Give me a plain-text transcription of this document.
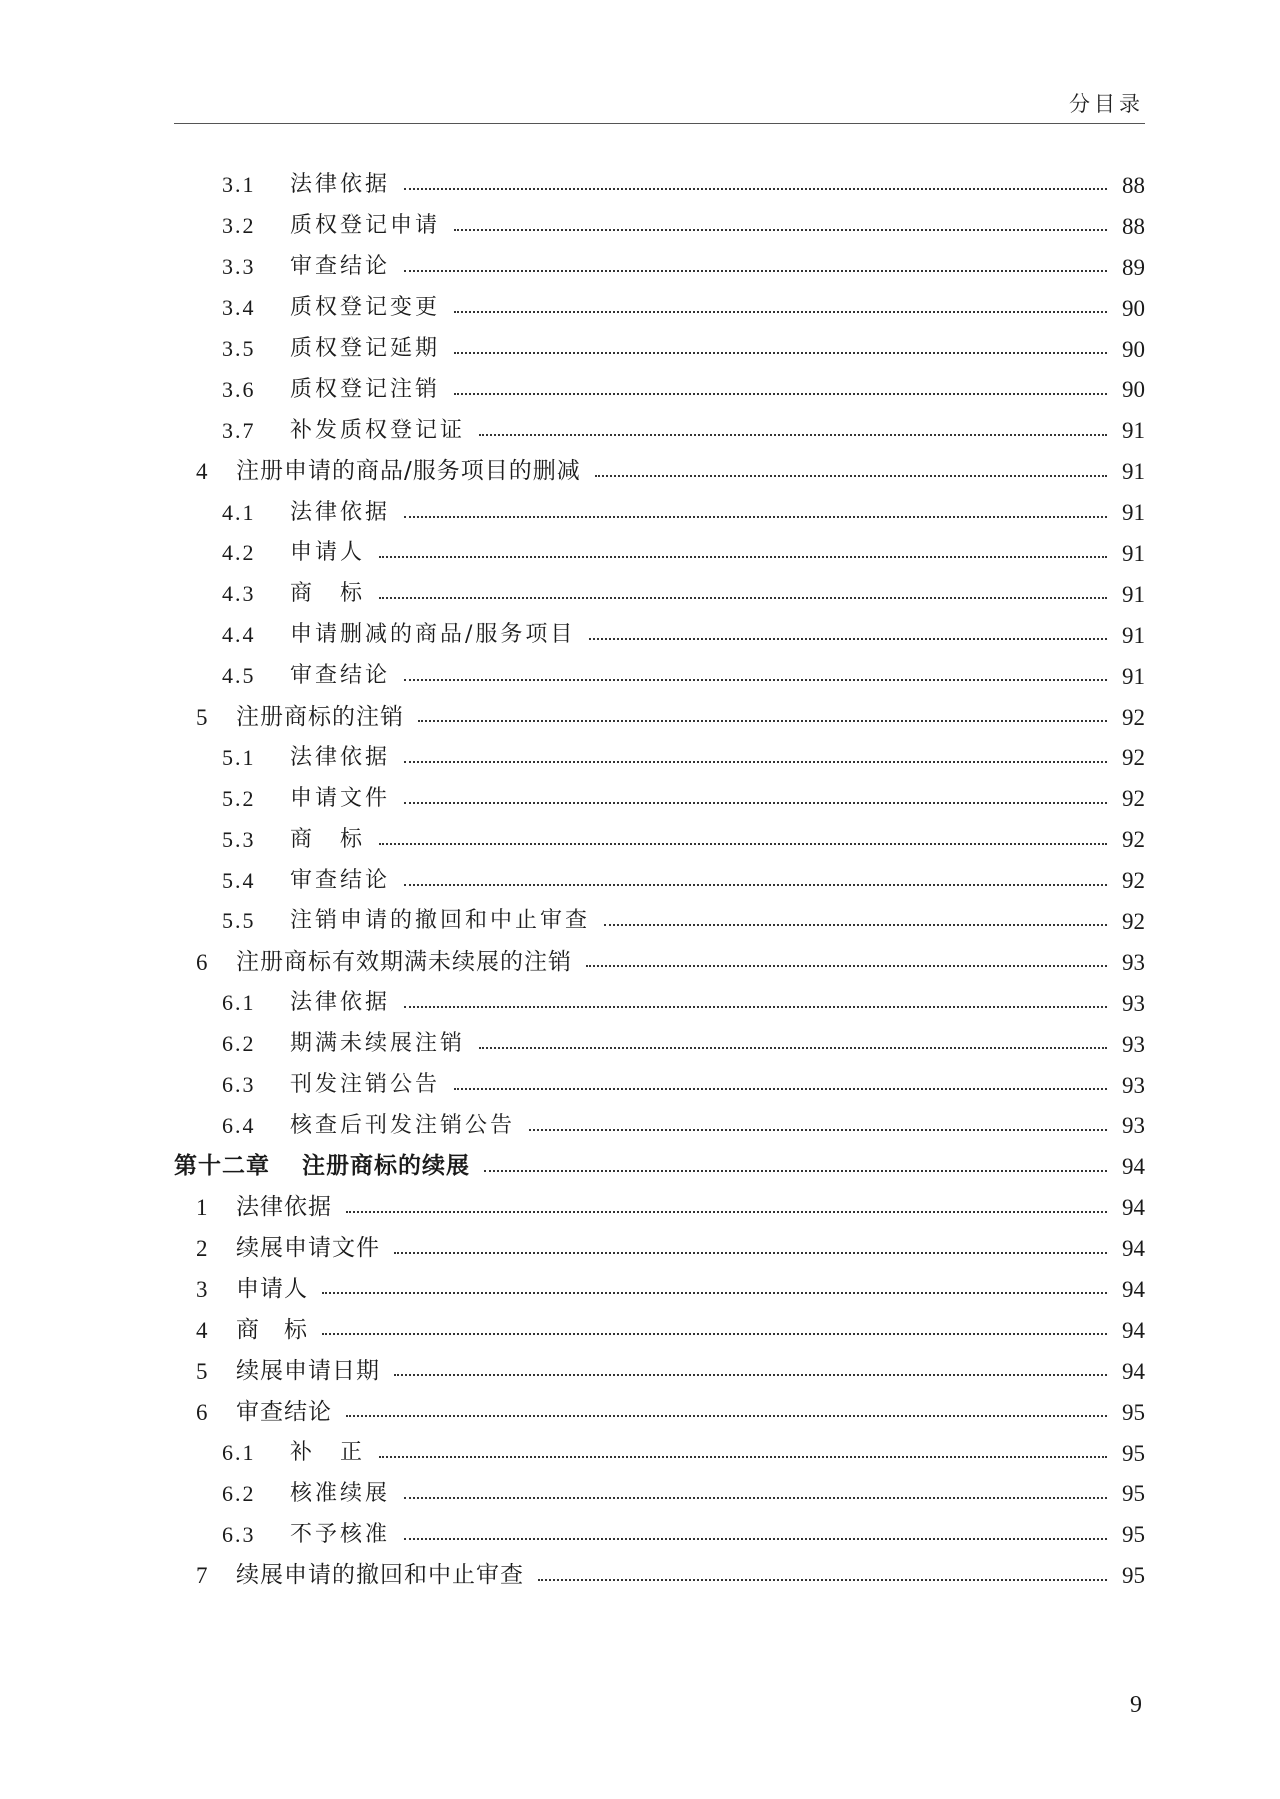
分目录
3.1	法律依据	88
3.2	质权登记申请	88
3.3	审查结论	89
3.4	质权登记变更	90
3.5	质权登记延期	90
3.6	质权登记注销	90
3.7	补发质权登记证	91
4	注册申请的商品/服务项目的删减	91
4.1	法律依据	91
4.2	申请人	91
4.3	商　标	91
4.4	申请删减的商品/服务项目	91
4.5	审查结论	91
5	注册商标的注销	92
5.1	法律依据	92
5.2	申请文件	92
5.3	商　标	92
5.4	审查结论	92
5.5	注销申请的撤回和中止审查	92
6	注册商标有效期满未续展的注销	93
6.1	法律依据	93
6.2	期满未续展注销	93
6.3	刊发注销公告	93
6.4	核查后刊发注销公告	93
第十二章	注册商标的续展	94
1	法律依据	94
2	续展申请文件	94
3	申请人	94
4	商　标	94
5	续展申请日期	94
6	审查结论	95
6.1	补　正	95
6.2	核准续展	95
6.3	不予核准	95
7	续展申请的撤回和中止审查	95
9
